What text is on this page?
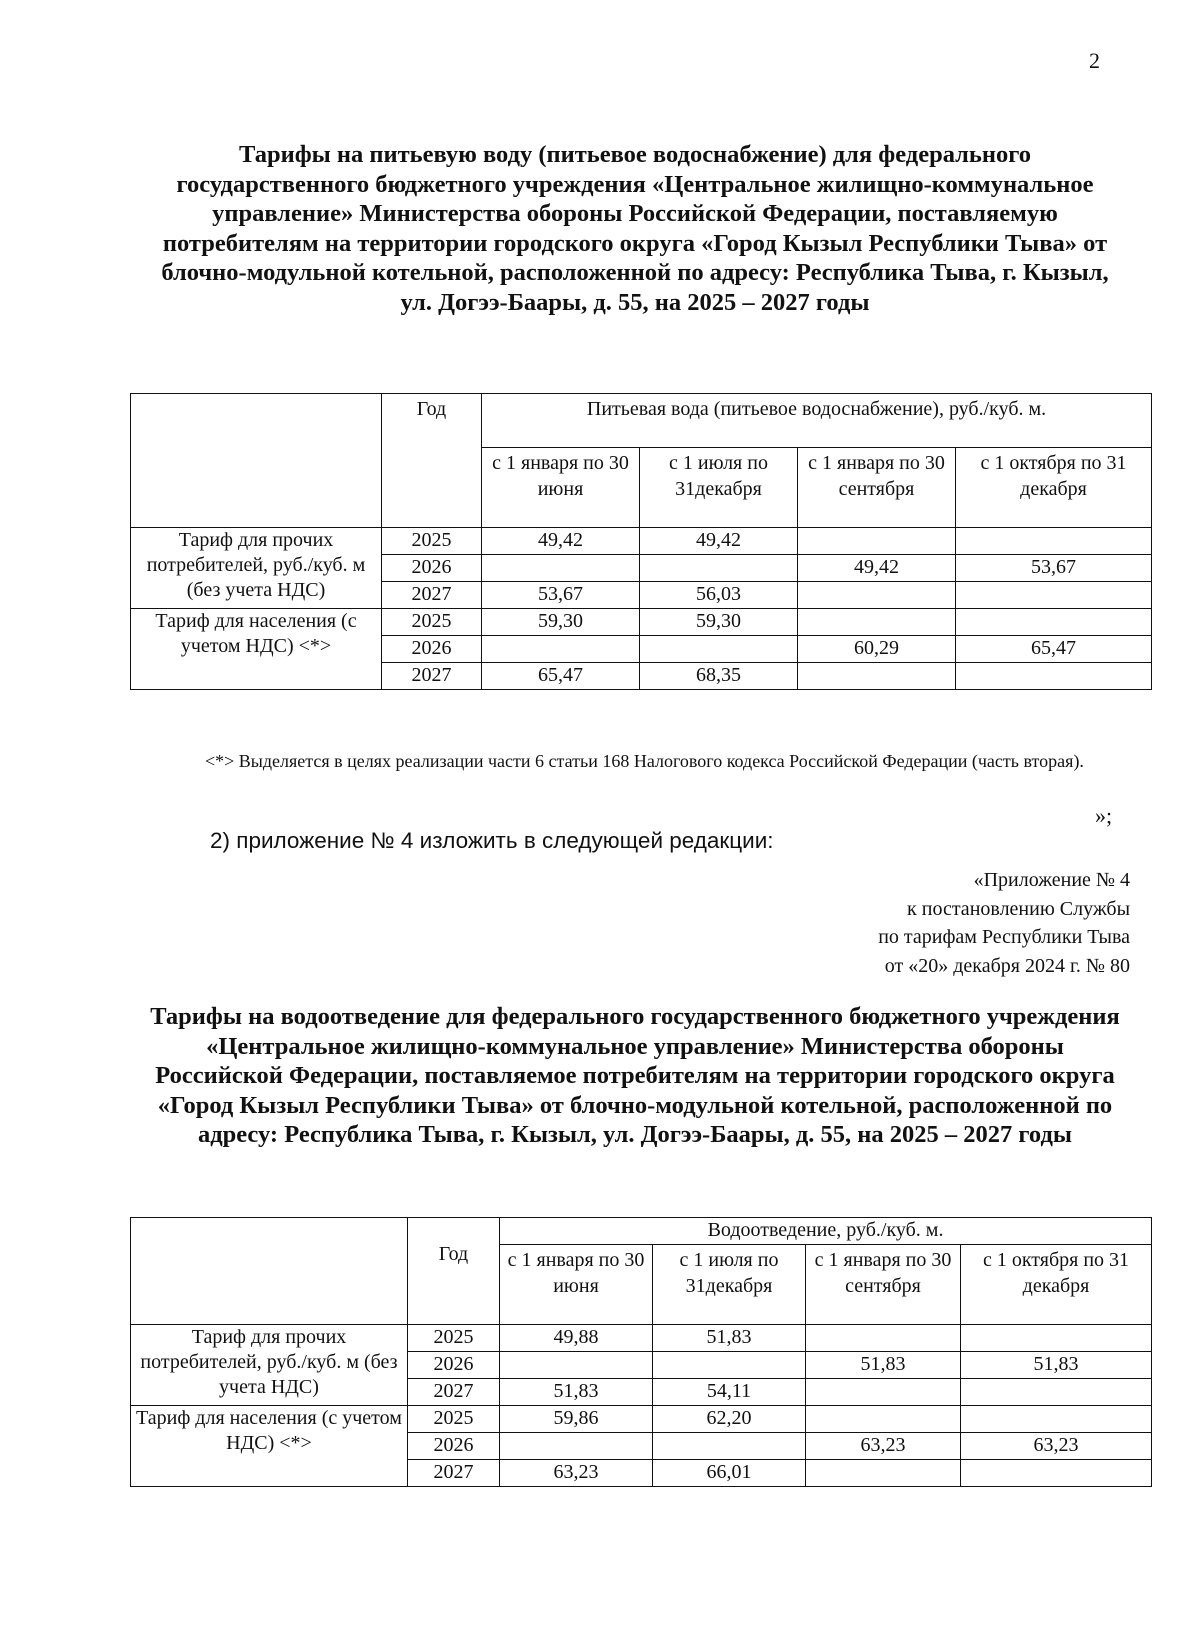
2
Тарифы на питьевую воду (питьевое водоснабжение) для федерального государственного бюджетного учреждения «Центральное жилищно-коммунальное управление» Министерства обороны Российской Федерации, поставляемую потребителям на территории городского округа «Город Кызыл Республики Тыва» от блочно-модульной котельной, расположенной по адресу: Республика Тыва, г. Кызыл, ул. Догээ-Баары, д. 55, на 2025 – 2027 годы
	Год	Питьевая вода (питьевое водоснабжение), руб./куб. м.			
		с 1 января по 30 июня	с 1 июля по 31декабря	с 1 января по 30 сентября	с 1 октября по 31 декабря
Тариф для прочих потребителей, руб./куб. м (без учета НДС)	2025	49,42	49,42		
	2026			49,42	53,67
	2027	53,67	56,03		
Тариф для населения (с учетом НДС) <*>	2025	59,30	59,30		
	2026			60,29	65,47
	2027	65,47	68,35		
<*> Выделяется в целях реализации части 6 статьи 168 Налогового кодекса Российской Федерации (часть вторая).
»;
2) приложение № 4 изложить в следующей редакции:
«Приложение № 4
к постановлению Службы
по тарифам Республики Тыва
от «20» декабря 2024 г. № 80
Тарифы на водоотведение для федерального государственного бюджетного учреждения «Центральное жилищно-коммунальное управление» Министерства обороны Российской Федерации, поставляемое потребителям на территории городского округа «Город Кызыл Республики Тыва» от блочно-модульной котельной, расположенной по адресу: Республика Тыва, г. Кызыл, ул. Догээ-Баары, д. 55, на 2025 – 2027 годы
	Год	Водоотведение, руб./куб. м.			
		с 1 января по 30 июня	с 1 июля по 31декабря	с 1 января по 30 сентября	с 1 октября по 31 декабря
Тариф для прочих потребителей, руб./куб. м (без учета НДС)	2025	49,88	51,83		
	2026			51,83	51,83
	2027	51,83	54,11		
Тариф для населения (с учетом НДС) <*>	2025	59,86	62,20		
	2026			63,23	63,23
	2027	63,23	66,01		
